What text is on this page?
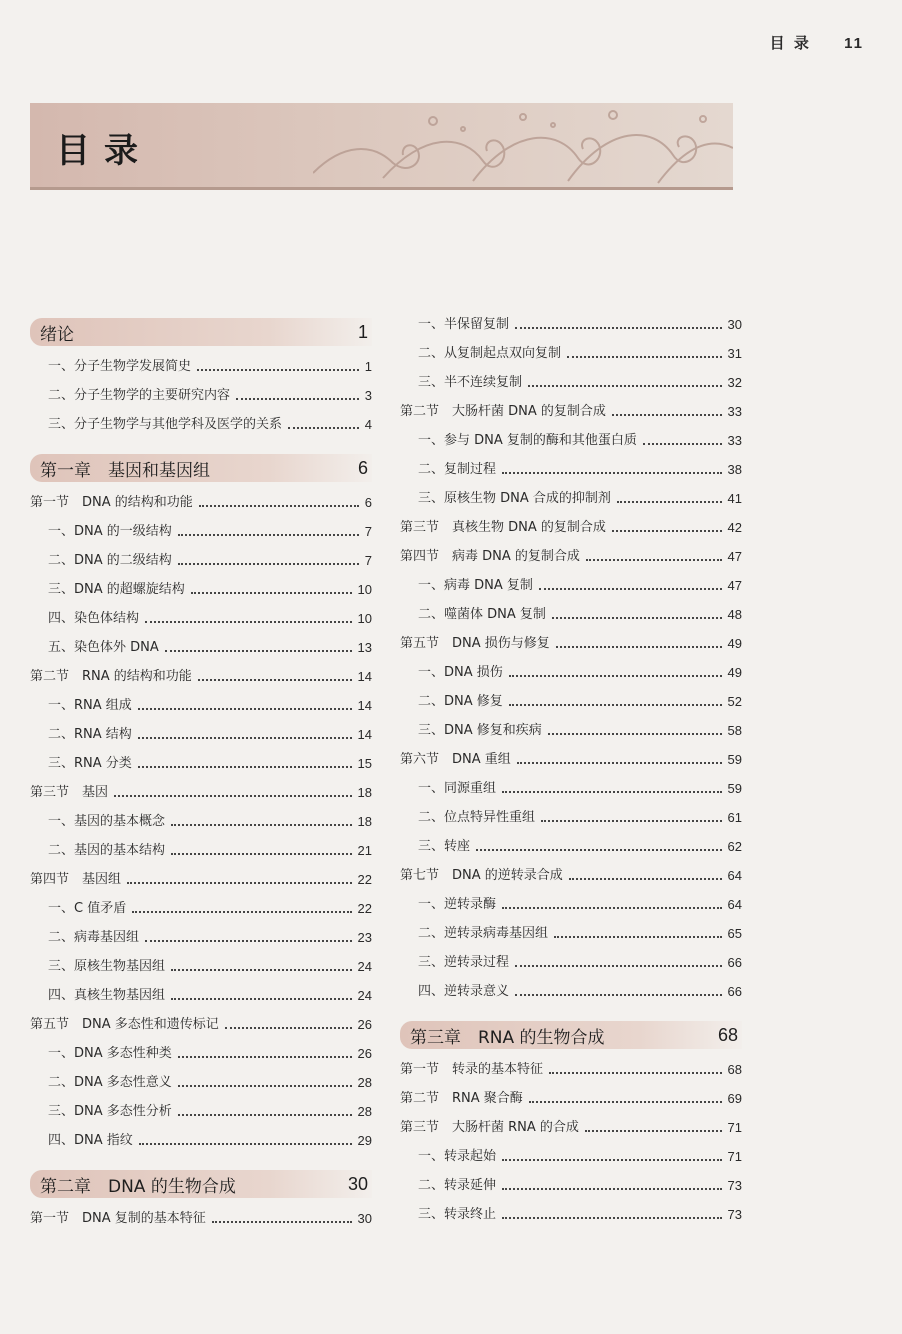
目 录 11
目录
绪论	1
一、分子生物学发展简史	1
二、分子生物学的主要研究内容	3
三、分子生物学与其他学科及医学的关系	4
第一章　基因和基因组	6
第一节　DNA 的结构和功能	6
一、DNA 的一级结构	7
二、DNA 的二级结构	7
三、DNA 的超螺旋结构	10
四、染色体结构	10
五、染色体外 DNA	13
第二节　RNA 的结构和功能	14
一、RNA 组成	14
二、RNA 结构	14
三、RNA 分类	15
第三节　基因	18
一、基因的基本概念	18
二、基因的基本结构	21
第四节　基因组	22
一、C 值矛盾	22
二、病毒基因组	23
三、原核生物基因组	24
四、真核生物基因组	24
第五节　DNA 多态性和遗传标记	26
一、DNA 多态性种类	26
二、DNA 多态性意义	28
三、DNA 多态性分析	28
四、DNA 指纹	29
第二章　DNA 的生物合成	30
第一节　DNA 复制的基本特征	30
一、半保留复制	30
二、从复制起点双向复制	31
三、半不连续复制	32
第二节　大肠杆菌 DNA 的复制合成	33
一、参与 DNA 复制的酶和其他蛋白质	33
二、复制过程	38
三、原核生物 DNA 合成的抑制剂	41
第三节　真核生物 DNA 的复制合成	42
第四节　病毒 DNA 的复制合成	47
一、病毒 DNA 复制	47
二、噬菌体 DNA 复制	48
第五节　DNA 损伤与修复	49
一、DNA 损伤	49
二、DNA 修复	52
三、DNA 修复和疾病	58
第六节　DNA 重组	59
一、同源重组	59
二、位点特异性重组	61
三、转座	62
第七节　DNA 的逆转录合成	64
一、逆转录酶	64
二、逆转录病毒基因组	65
三、逆转录过程	66
四、逆转录意义	66
第三章　RNA 的生物合成	68
第一节　转录的基本特征	68
第二节　RNA 聚合酶	69
第三节　大肠杆菌 RNA 的合成	71
一、转录起始	71
二、转录延伸	73
三、转录终止	73
